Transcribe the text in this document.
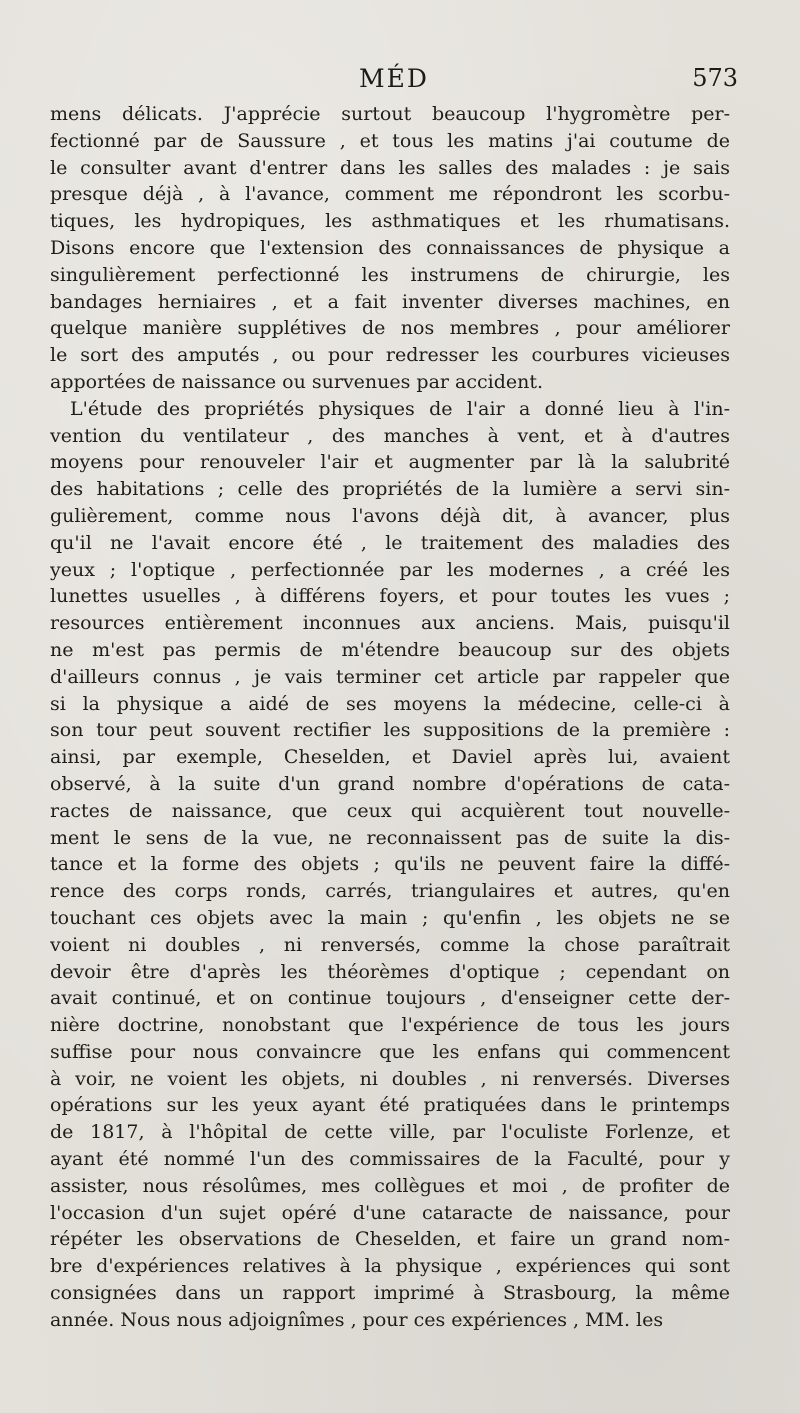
MÉD	573
mens délicats. J'apprécie surtout beaucoup l'hygromètre per-
fectionné par de Saussure , et tous les matins j'ai coutume de
le consulter avant d'entrer dans les salles des malades : je sais
presque déjà , à l'avance, comment me répondront les scorbu-
tiques, les hydropiques, les asthmatiques et les rhumatisans.
Disons encore que l'extension des connaissances de physique a
singulièrement perfectionné les instrumens de chirurgie, les
bandages herniaires , et a fait inventer diverses machines, en
quelque manière supplétives de nos membres , pour améliorer
le sort des amputés , ou pour redresser les courbures vicieuses
apportées de naissance ou survenues par accident.
L'étude des propriétés physiques de l'air a donné lieu à l'in-
vention du ventilateur , des manches à vent, et à d'autres
moyens pour renouveler l'air et augmenter par là la salubrité
des habitations ; celle des propriétés de la lumière a servi sin-
gulièrement, comme nous l'avons déjà dit, à avancer, plus
qu'il ne l'avait encore été , le traitement des maladies des
yeux ; l'optique , perfectionnée par les modernes , a créé les
lunettes usuelles , à différens foyers, et pour toutes les vues ;
resources entièrement inconnues aux anciens. Mais, puisqu'il
ne m'est pas permis de m'étendre beaucoup sur des objets
d'ailleurs connus , je vais terminer cet article par rappeler que
si la physique a aidé de ses moyens la médecine, celle-ci à
son tour peut souvent rectifier les suppositions de la première :
ainsi, par exemple, Cheselden, et Daviel après lui, avaient
observé, à la suite d'un grand nombre d'opérations de cata-
ractes de naissance, que ceux qui acquièrent tout nouvelle-
ment le sens de la vue, ne reconnaissent pas de suite la dis-
tance et la forme des objets ; qu'ils ne peuvent faire la diffé-
rence des corps ronds, carrés, triangulaires et autres, qu'en
touchant ces objets avec la main ; qu'enfin , les objets ne se
voient ni doubles , ni renversés, comme la chose paraîtrait
devoir être d'après les théorèmes d'optique ; cependant on
avait continué, et on continue toujours , d'enseigner cette der-
nière doctrine, nonobstant que l'expérience de tous les jours
suffise pour nous convaincre que les enfans qui commencent
à voir, ne voient les objets, ni doubles , ni renversés. Diverses
opérations sur les yeux ayant été pratiquées dans le printemps
de 1817, à l'hôpital de cette ville, par l'oculiste Forlenze, et
ayant été nommé l'un des commissaires de la Faculté, pour y
assister, nous résolûmes, mes collègues et moi , de profiter de
l'occasion d'un sujet opéré d'une cataracte de naissance, pour
répéter les observations de Cheselden, et faire un grand nom-
bre d'expériences relatives à la physique , expériences qui sont
consignées dans un rapport imprimé à Strasbourg, la même
année. Nous nous adjoignîmes , pour ces expériences , MM. les
